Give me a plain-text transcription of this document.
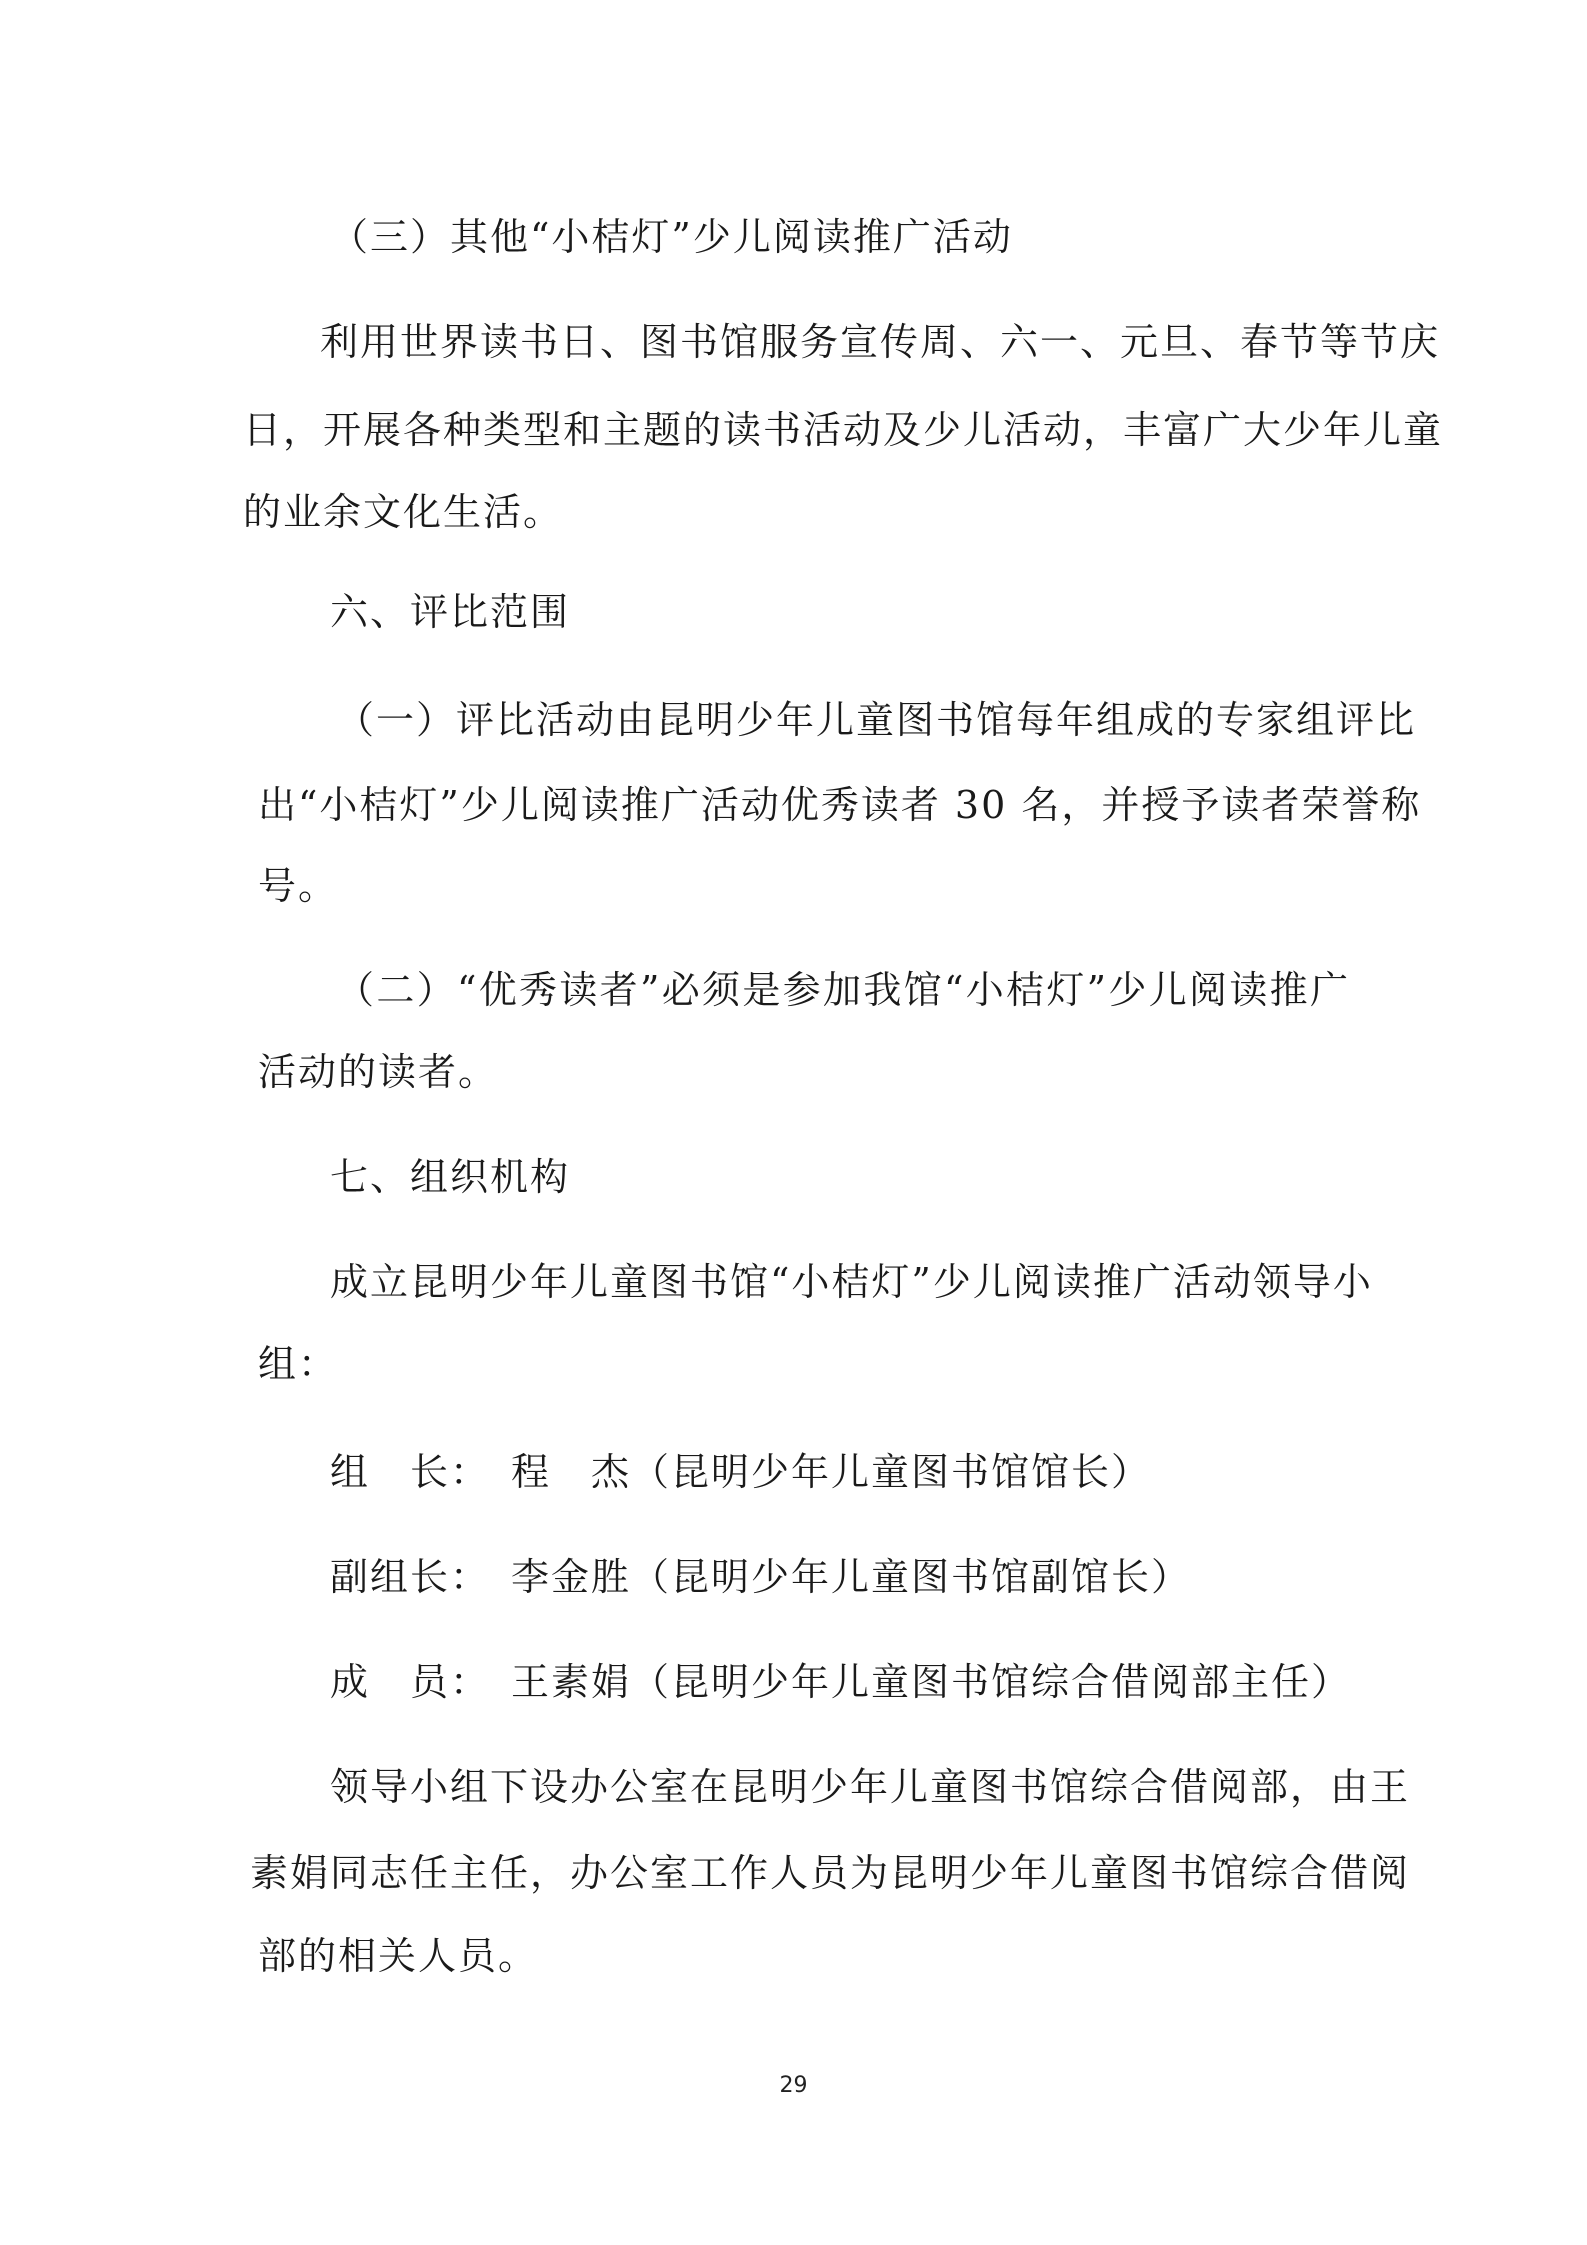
（三）其他“小桔灯”少儿阅读推广活动
利用世界读书日、图书馆服务宣传周、六一、元旦、春节等节庆
日，开展各种类型和主题的读书活动及少儿活动，丰富广大少年儿童
的业余文化生活。
六、评比范围
（一）评比活动由昆明少年儿童图书馆每年组成的专家组评比
出“小桔灯”少儿阅读推广活动优秀读者 30 名，并授予读者荣誉称
号。
（二）“优秀读者”必须是参加我馆“小桔灯”少儿阅读推广
活动的读者。
七、组织机构
成立昆明少年儿童图书馆“小桔灯”少儿阅读推广活动领导小
组：
组　长：　程　杰（昆明少年儿童图书馆馆长）
副组长：　李金胜（昆明少年儿童图书馆副馆长）
成　员：　王素娟（昆明少年儿童图书馆综合借阅部主任）
领导小组下设办公室在昆明少年儿童图书馆综合借阅部，由王
素娟同志任主任，办公室工作人员为昆明少年儿童图书馆综合借阅
部的相关人员。
29
